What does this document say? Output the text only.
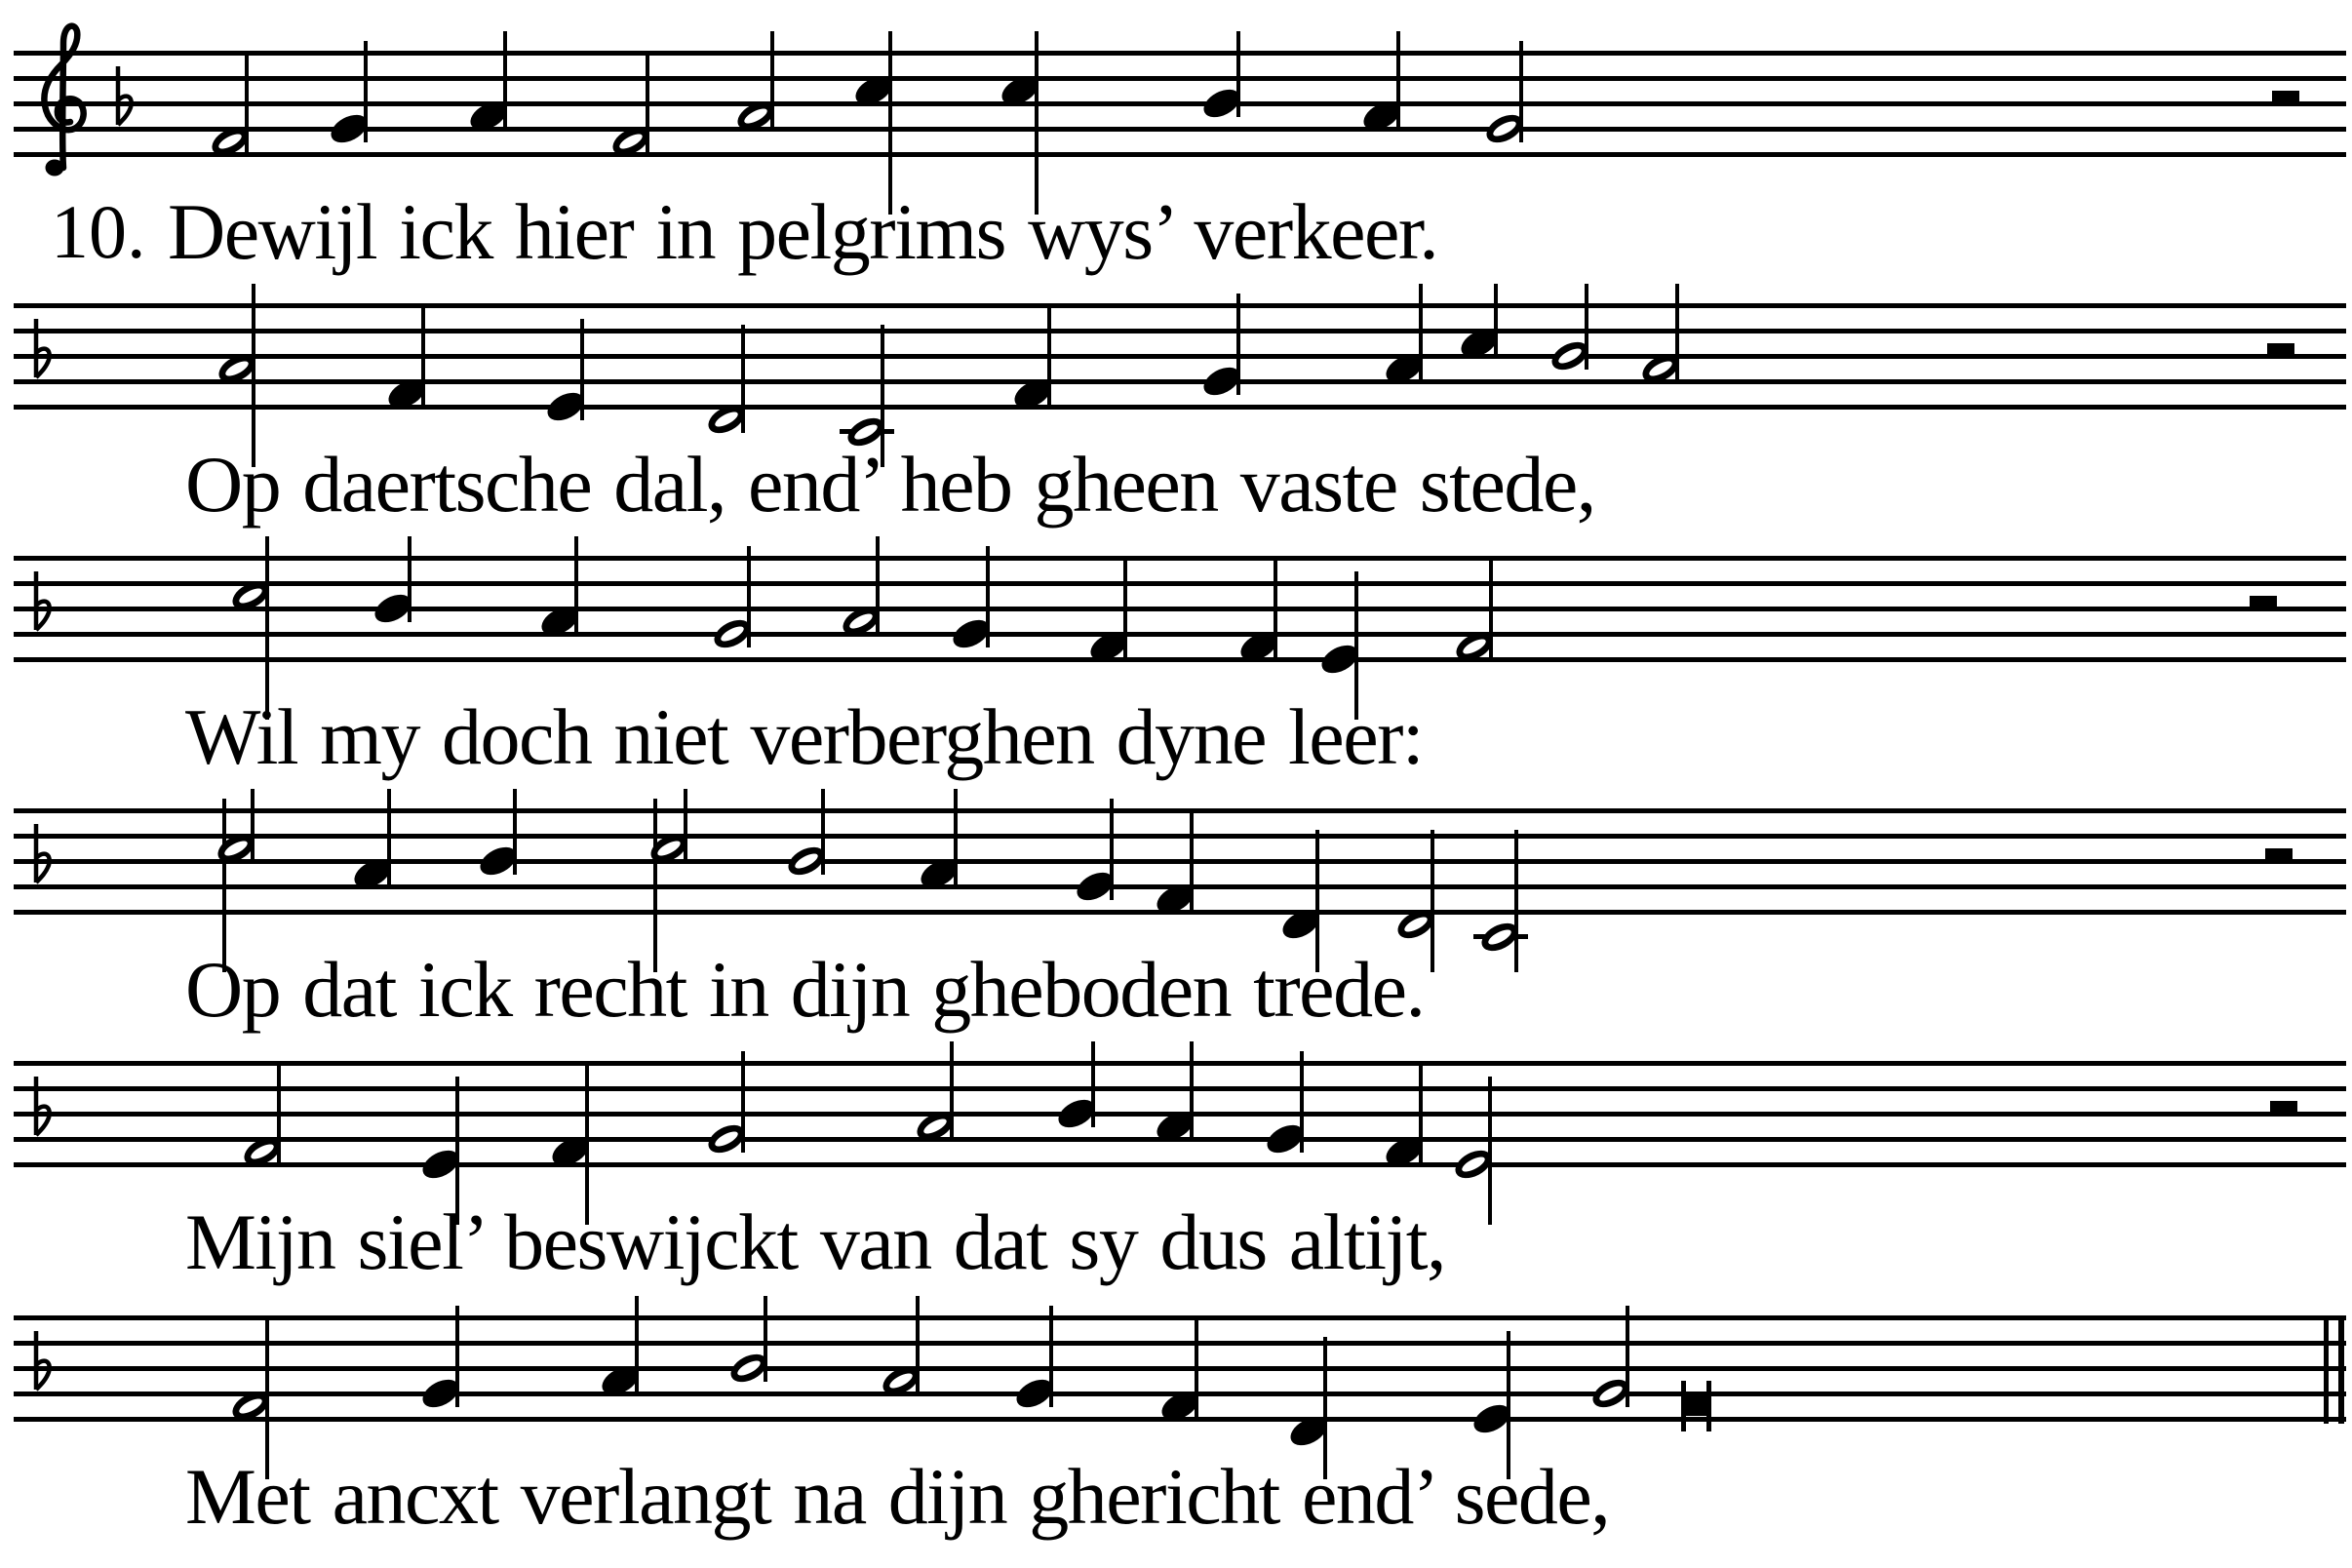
10. Dewijl ick hier in pelgrims wys’ verkeer.
Op daertsche dal, end’ heb gheen vaste stede,
Wil my doch niet verberghen dyne leer:
Op dat ick recht in dijn gheboden trede.
Mijn siel’ beswijckt van dat sy dus altijt,
Met ancxt verlangt na dijn ghericht end’ sede,
